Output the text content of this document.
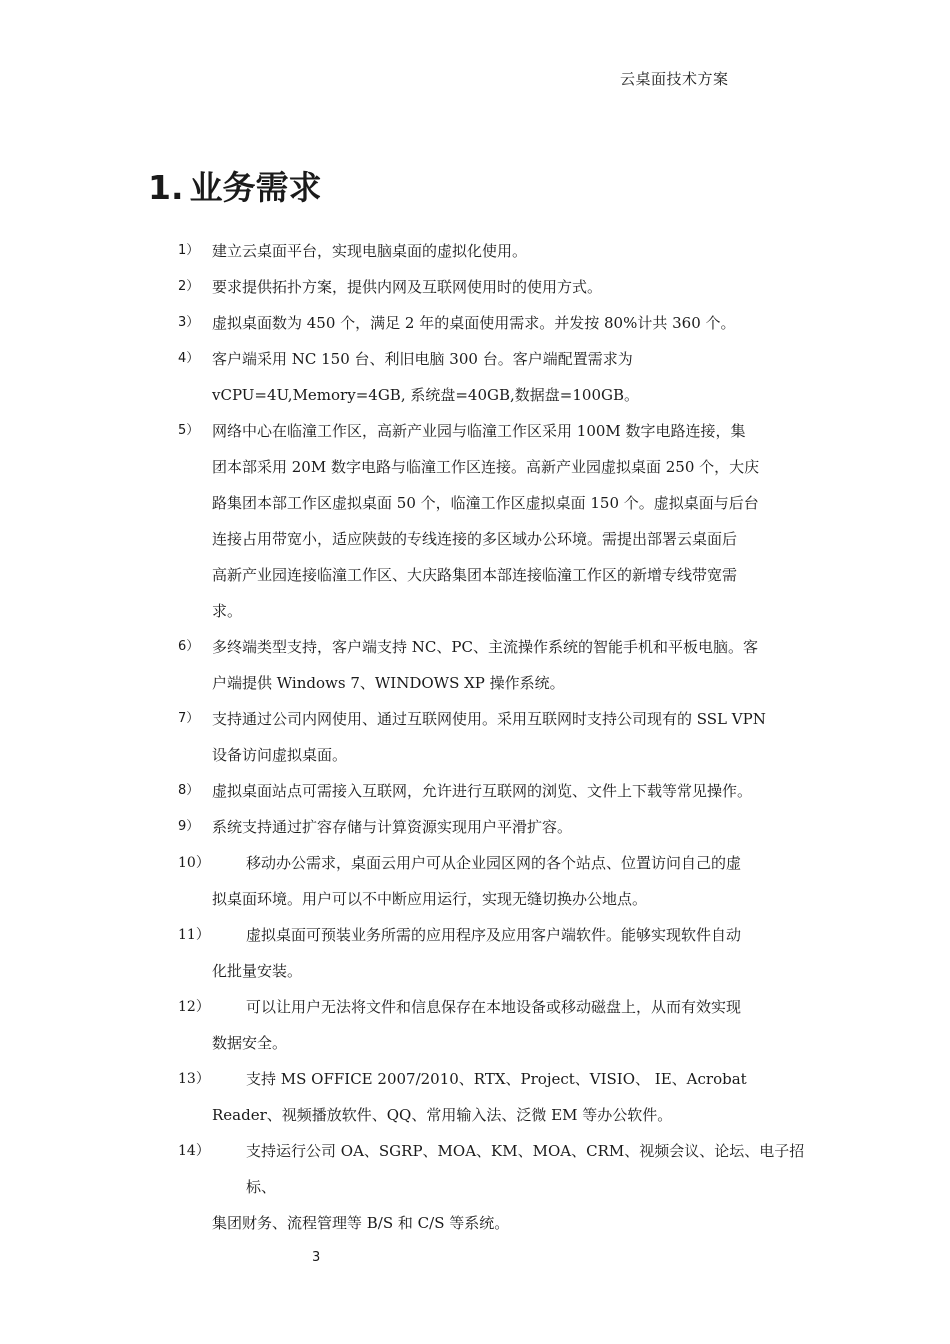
云桌面技术方案
1. 业务需求
1） 建立云桌面平台，实现电脑桌面的虚拟化使用。
2） 要求提供拓扑方案，提供内网及互联网使用时的使用方式。
3） 虚拟桌面数为 450 个，满足 2 年的桌面使用需求。并发按 80%计共 360 个。
4） 客户端采用 NC 150 台、利旧电脑 300 台。客户端配置需求为
vCPU=4U,Memory=4GB, 系统盘=40GB,数据盘=100GB。
5） 网络中心在临潼工作区，高新产业园与临潼工作区采用 100M 数字电路连接，集
团本部采用 20M 数字电路与临潼工作区连接。高新产业园虚拟桌面 250 个，大庆
路集团本部工作区虚拟桌面 50 个，临潼工作区虚拟桌面 150 个。虚拟桌面与后台
连接占用带宽小，适应陕鼓的专线连接的多区域办公环境。需提出部署云桌面后
高新产业园连接临潼工作区、大庆路集团本部连接临潼工作区的新增专线带宽需
求。
6） 多终端类型支持，客户端支持 NC、PC、主流操作系统的智能手机和平板电脑。客
户端提供 Windows 7、WINDOWS XP 操作系统。
7） 支持通过公司内网使用、通过互联网使用。采用互联网时支持公司现有的 SSL VPN
设备访问虚拟桌面。
8） 虚拟桌面站点可需接入互联网，允许进行互联网的浏览、文件上下载等常见操作。
9） 系统支持通过扩容存储与计算资源实现用户平滑扩容。
10）	移动办公需求，桌面云用户可从企业园区网的各个站点、位置访问自己的虚
拟桌面环境。用户可以不中断应用运行，实现无缝切换办公地点。
11）	虚拟桌面可预装业务所需的应用程序及应用客户端软件。能够实现软件自动
化批量安装。
12）	可以让用户无法将文件和信息保存在本地设备或移动磁盘上，从而有效实现
数据安全。
13）	支持 MS OFFICE 2007/2010、RTX、Project、VISIO、 IE、Acrobat
Reader、视频播放软件、QQ、常用输入法、泛微 EM 等办公软件。
14）	支持运行公司 OA、SGRP、MOA、KM、MOA、CRM、视频会议、论坛、电子招标、
集团财务、流程管理等 B/S 和 C/S 等系统。
3
